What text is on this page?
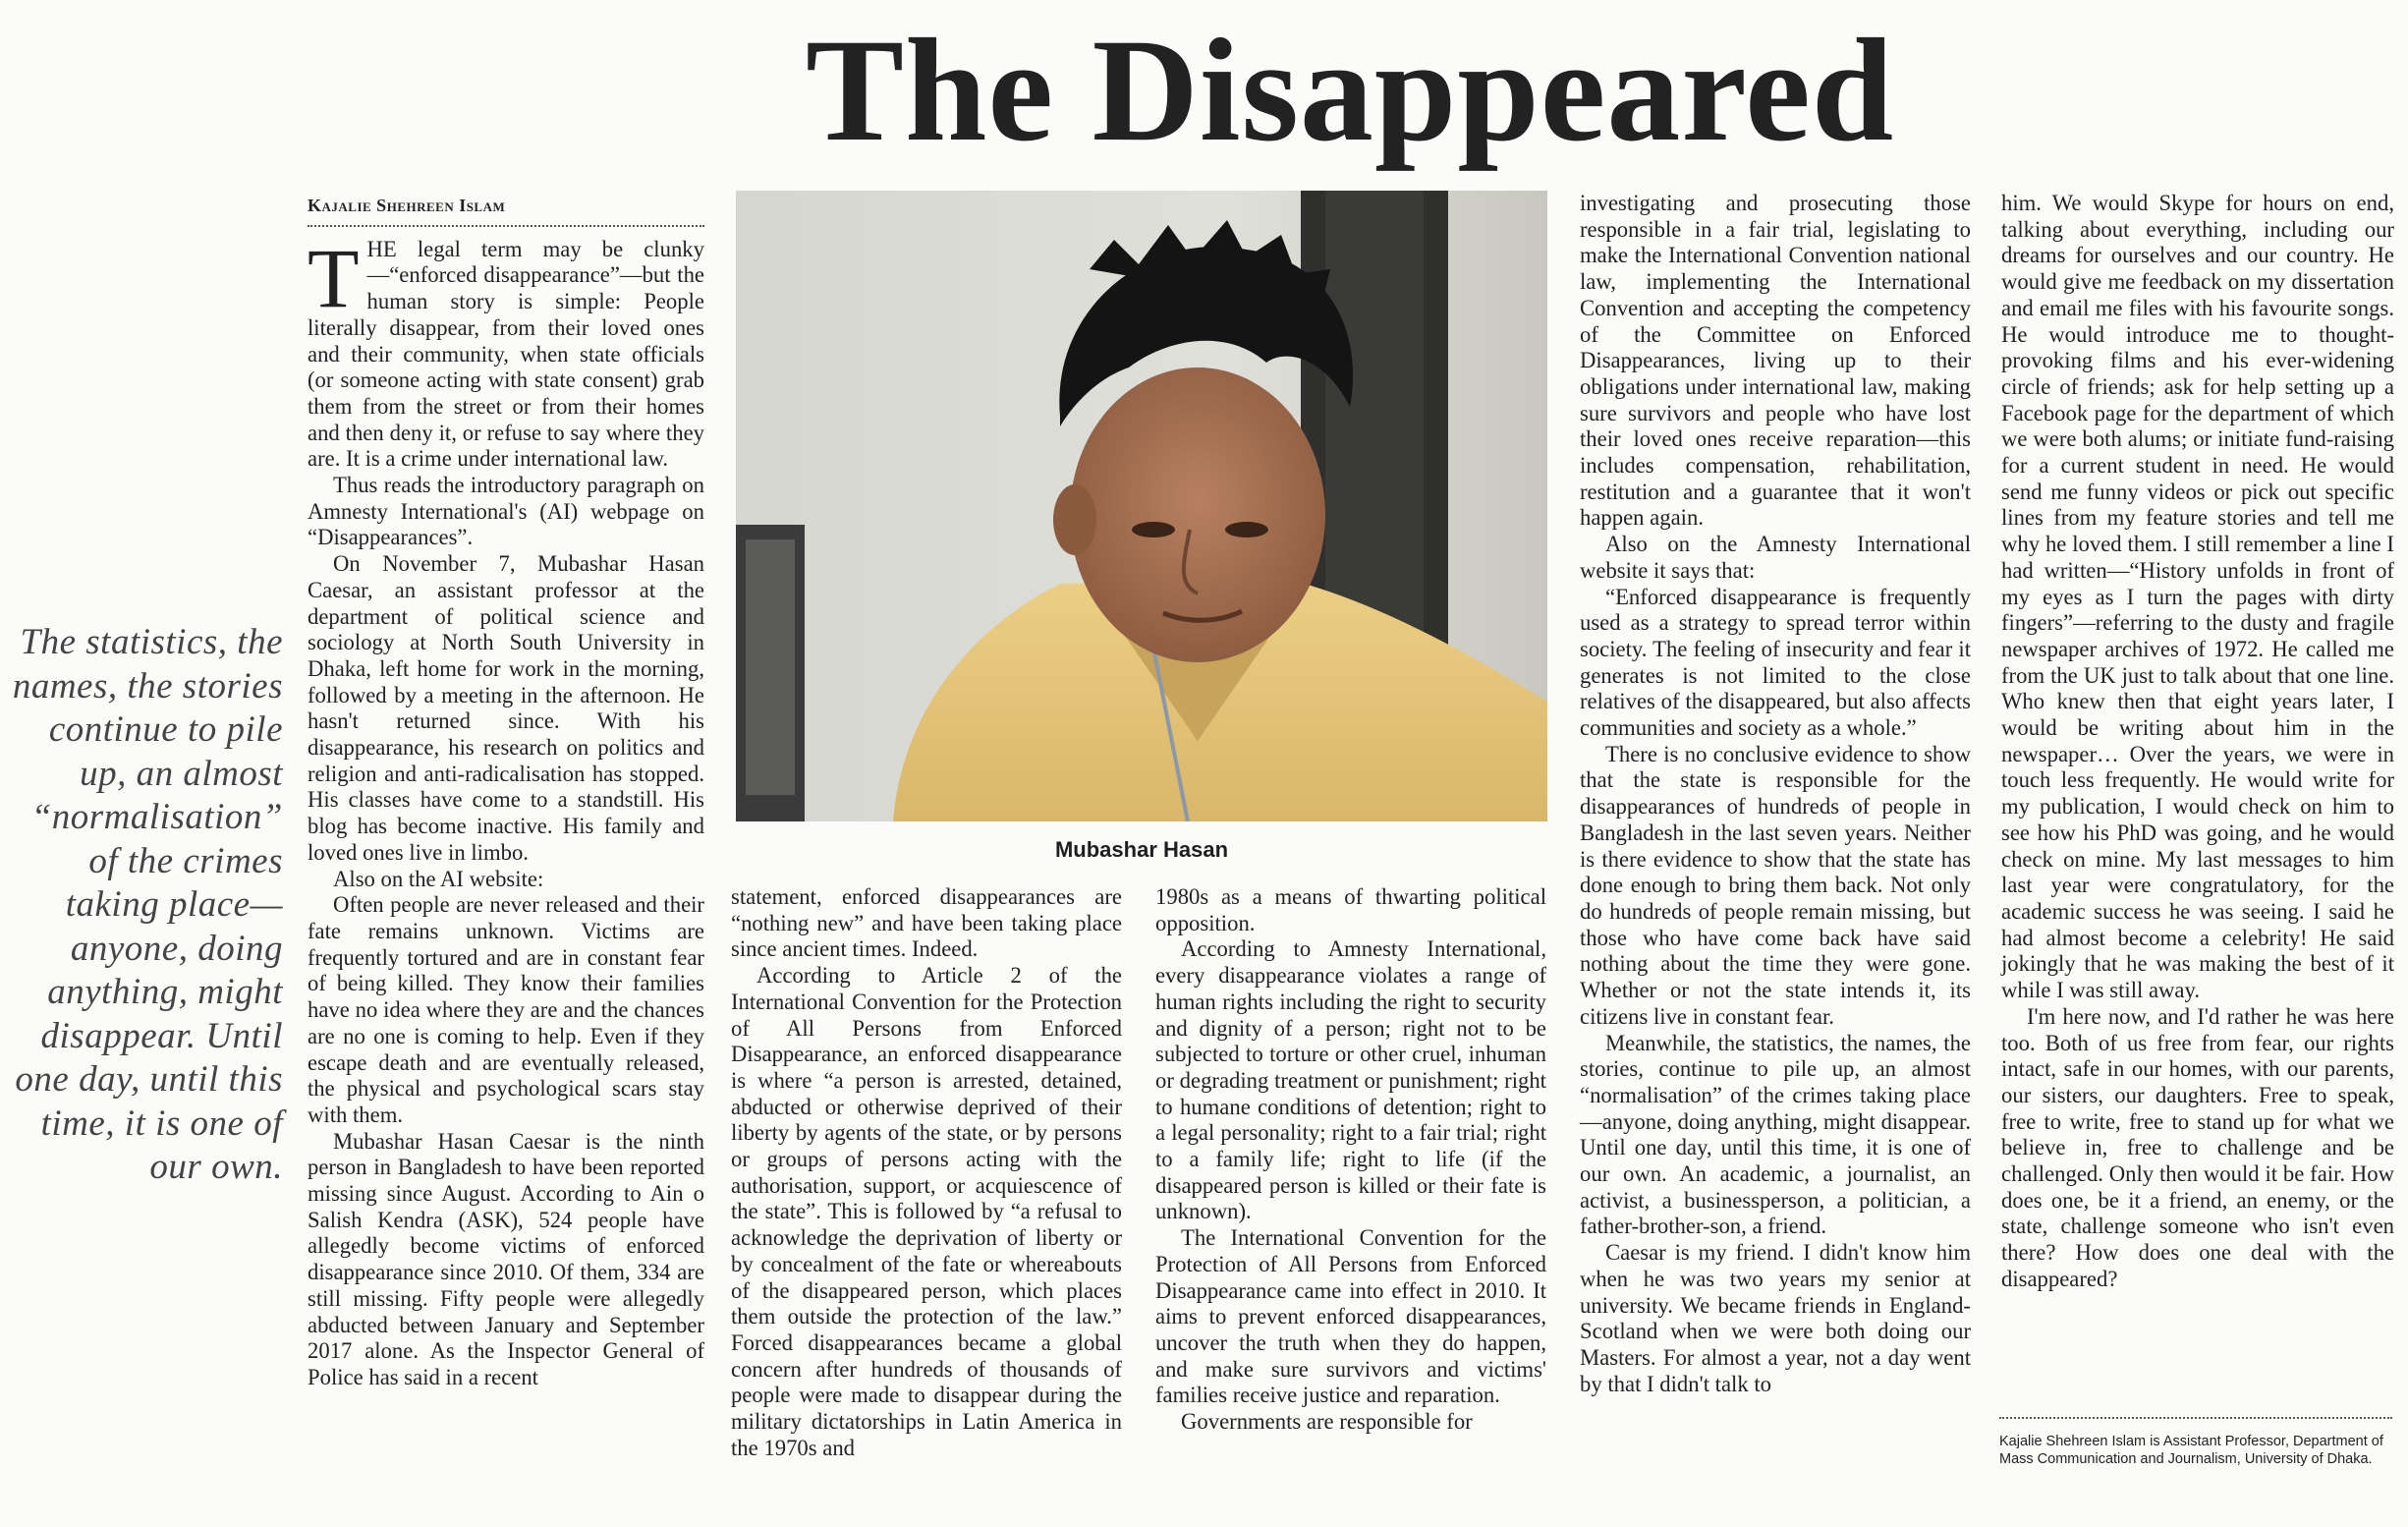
The Disappeared
The statistics, the names, the stories continue to pile up, an almost “normalisation” of the crimes taking place—anyone, doing anything, might disappear. Until one day, until this time, it is one of our own.
Kajalie Shehreen Islam

THE legal term may be clunky—“enforced disappearance”—but the human story is simple: People literally disappear, from their loved ones and their community, when state officials (or someone acting with state consent) grab them from the street or from their homes and then deny it, or refuse to say where they are. It is a crime under international law.

Thus reads the introductory paragraph on Amnesty International's (AI) webpage on “Disappearances”.

On November 7, Mubashar Hasan Caesar, an assistant professor at the department of political science and sociology at North South University in Dhaka, left home for work in the morning, followed by a meeting in the afternoon. He hasn't returned since. With his disappearance, his research on politics and religion and anti-radicalisation has stopped. His classes have come to a standstill. His blog has become inactive. His family and loved ones live in limbo.

Also on the AI website:

Often people are never released and their fate remains unknown. Victims are frequently tortured and are in constant fear of being killed. They know their families have no idea where they are and the chances are no one is coming to help. Even if they escape death and are eventually released, the physical and psychological scars stay with them.

Mubashar Hasan Caesar is the ninth person in Bangladesh to have been reported missing since August. According to Ain o Salish Kendra (ASK), 524 people have allegedly become victims of enforced disappearance since 2010. Of them, 334 are still missing. Fifty people were allegedly abducted between January and September 2017 alone. As the Inspector General of Police has said in a recent

Mubashar Hasan

statement, enforced disappearances are “nothing new” and have been taking place since ancient times. Indeed.

According to Article 2 of the International Convention for the Protection of All Persons from Enforced Disappearance, an enforced disappearance is where “a person is arrested, detained, abducted or otherwise deprived of their liberty by agents of the state, or by persons or groups of persons acting with the authorisation, support, or acquiescence of the state”. This is followed by “a refusal to acknowledge the deprivation of liberty or by concealment of the fate or whereabouts of the disappeared person, which places them outside the protection of the law.” Forced disappearances became a global concern after hundreds of thousands of people were made to disappear during the military dictatorships in Latin America in the 1970s and

1980s as a means of thwarting political opposition.

According to Amnesty International, every disappearance violates a range of human rights including the right to security and dignity of a person; right not to be subjected to torture or other cruel, inhuman or degrading treatment or punishment; right to humane conditions of detention; right to a legal personality; right to a fair trial; right to a family life; right to life (if the disappeared person is killed or their fate is unknown).

The International Convention for the Protection of All Persons from Enforced Disappearance came into effect in 2010. It aims to prevent enforced disappearances, uncover the truth when they do happen, and make sure survivors and victims' families receive justice and reparation.

Governments are responsible for

investigating and prosecuting those responsible in a fair trial, legislating to make the International Convention national law, implementing the International Convention and accepting the competency of the Committee on Enforced Disappearances, living up to their obligations under international law, making sure survivors and people who have lost their loved ones receive reparation—this includes compensation, rehabilitation, restitution and a guarantee that it won't happen again.

Also on the Amnesty International website it says that:

“Enforced disappearance is frequently used as a strategy to spread terror within society. The feeling of insecurity and fear it generates is not limited to the close relatives of the disappeared, but also affects communities and society as a whole.”

There is no conclusive evidence to show that the state is responsible for the disappearances of hundreds of people in Bangladesh in the last seven years. Neither is there evidence to show that the state has done enough to bring them back. Not only do hundreds of people remain missing, but those who have come back have said nothing about the time they were gone. Whether or not the state intends it, its citizens live in constant fear.

Meanwhile, the statistics, the names, the stories, continue to pile up, an almost “normalisation” of the crimes taking place—anyone, doing anything, might disappear. Until one day, until this time, it is one of our own. An academic, a journalist, an activist, a businessperson, a politician, a father-brother-son, a friend.

Caesar is my friend. I didn't know him when he was two years my senior at university. We became friends in England-Scotland when we were both doing our Masters. For almost a year, not a day went by that I didn't talk to

him. We would Skype for hours on end, talking about everything, including our dreams for ourselves and our country. He would give me feedback on my dissertation and email me files with his favourite songs. He would introduce me to thought-provoking films and his ever-widening circle of friends; ask for help setting up a Facebook page for the department of which we were both alums; or initiate fund-raising for a current student in need. He would send me funny videos or pick out specific lines from my feature stories and tell me why he loved them. I still remember a line I had written—“History unfolds in front of my eyes as I turn the pages with dirty fingers”—referring to the dusty and fragile newspaper archives of 1972. He called me from the UK just to talk about that one line. Who knew then that eight years later, I would be writing about him in the newspaper… Over the years, we were in touch less frequently. He would write for my publication, I would check on him to see how his PhD was going, and he would check on mine. My last messages to him last year were congratulatory, for the academic success he was seeing. I said he had almost become a celebrity! He said jokingly that he was making the best of it while I was still away.

I'm here now, and I'd rather he was here too. Both of us free from fear, our rights intact, safe in our homes, with our parents, our sisters, our daughters. Free to speak, free to write, free to stand up for what we believe in, free to challenge and be challenged. Only then would it be fair. How does one, be it a friend, an enemy, or the state, challenge someone who isn't even there? How does one deal with the disappeared?

Kajalie Shehreen Islam is Assistant Professor, Department of Mass Communication and Journalism, University of Dhaka.
